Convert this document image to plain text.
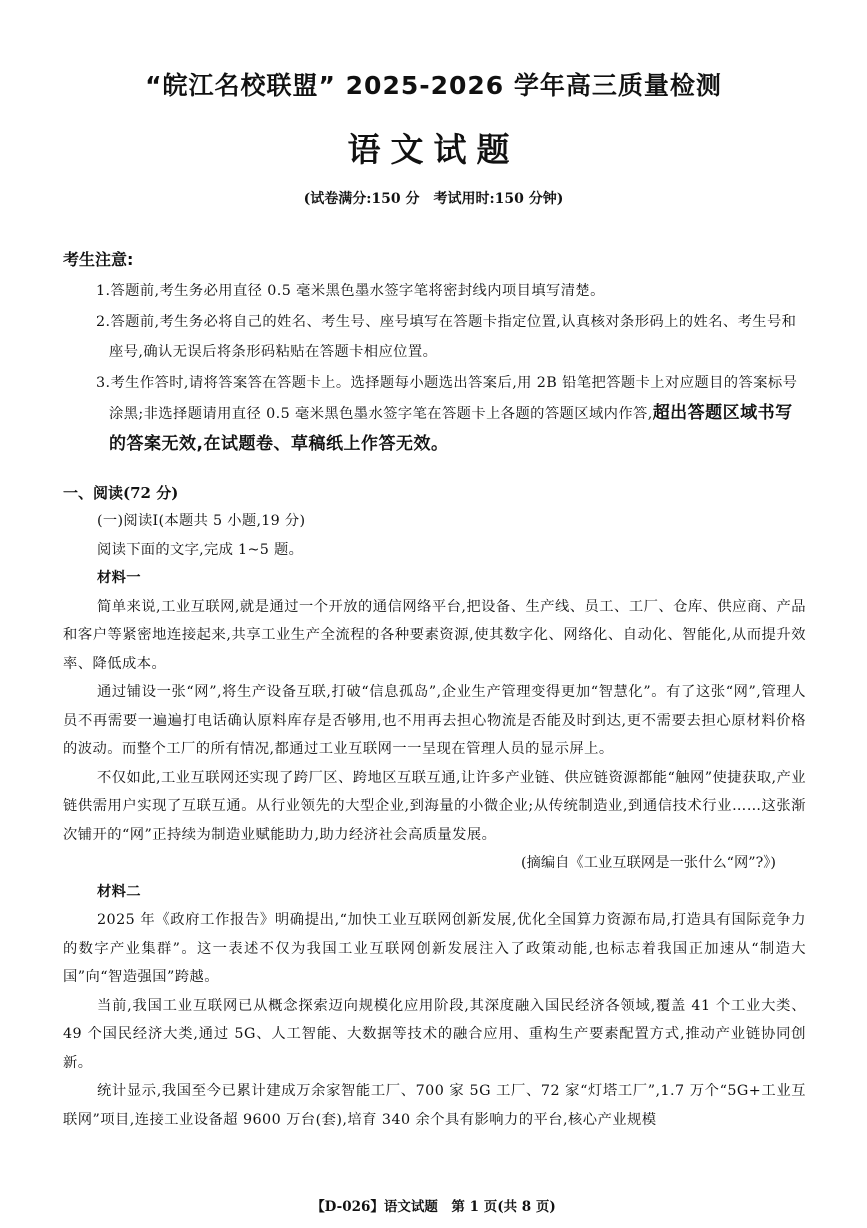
“皖江名校联盟” 2025-2026 学年高三质量检测
语文试题
(试卷满分:150 分　考试用时:150 分钟)
考生注意:

1.答题前,考生务必用直径 0.5 毫米黑色墨水签字笔将密封线内项目填写清楚。

2.答题前,考生务必将自己的姓名、考生号、座号填写在答题卡指定位置,认真核对条形码上的姓名、考生号和座号,确认无误后将条形码粘贴在答题卡相应位置。

3.考生作答时,请将答案答在答题卡上。选择题每小题选出答案后,用 2B 铅笔把答题卡上对应题目的答案标号涂黑;非选择题请用直径 0.5 毫米黑色墨水签字笔在答题卡上各题的答题区域内作答,超出答题区域书写的答案无效,在试题卷、草稿纸上作答无效。

一、阅读(72 分)

(一)阅读Ⅰ(本题共 5 小题,19 分)

阅读下面的文字,完成 1~5 题。

材料一

简单来说,工业互联网,就是通过一个开放的通信网络平台,把设备、生产线、员工、工厂、仓库、供应商、产品和客户等紧密地连接起来,共享工业生产全流程的各种要素资源,使其数字化、网络化、自动化、智能化,从而提升效率、降低成本。

通过铺设一张“网”,将生产设备互联,打破“信息孤岛”,企业生产管理变得更加“智慧化”。有了这张“网”,管理人员不再需要一遍遍打电话确认原料库存是否够用,也不用再去担心物流是否能及时到达,更不需要去担心原材料价格的波动。而整个工厂的所有情况,都通过工业互联网一一呈现在管理人员的显示屏上。

不仅如此,工业互联网还实现了跨厂区、跨地区互联互通,让许多产业链、供应链资源都能“触网”使捷获取,产业链供需用户实现了互联互通。从行业领先的大型企业,到海量的小微企业;从传统制造业,到通信技术行业……这张渐次铺开的“网”正持续为制造业赋能助力,助力经济社会高质量发展。

(摘编自《工业互联网是一张什么“网”?》)

材料二

2025 年《政府工作报告》明确提出,“加快工业互联网创新发展,优化全国算力资源布局,打造具有国际竞争力的数字产业集群”。这一表述不仅为我国工业互联网创新发展注入了政策动能,也标志着我国正加速从“制造大国”向“智造强国”跨越。

当前,我国工业互联网已从概念探索迈向规模化应用阶段,其深度融入国民经济各领域,覆盖 41 个工业大类、49 个国民经济大类,通过 5G、人工智能、大数据等技术的融合应用、重构生产要素配置方式,推动产业链协同创新。

统计显示,我国至今已累计建成万余家智能工厂、700 家 5G 工厂、72 家“灯塔工厂”,1.7 万个“5G+工业互联网”项目,连接工业设备超 9600 万台(套),培育 340 余个具有影响力的平台,核心产业规模

【D-026】语文试题　第 1 页(共 8 页)
